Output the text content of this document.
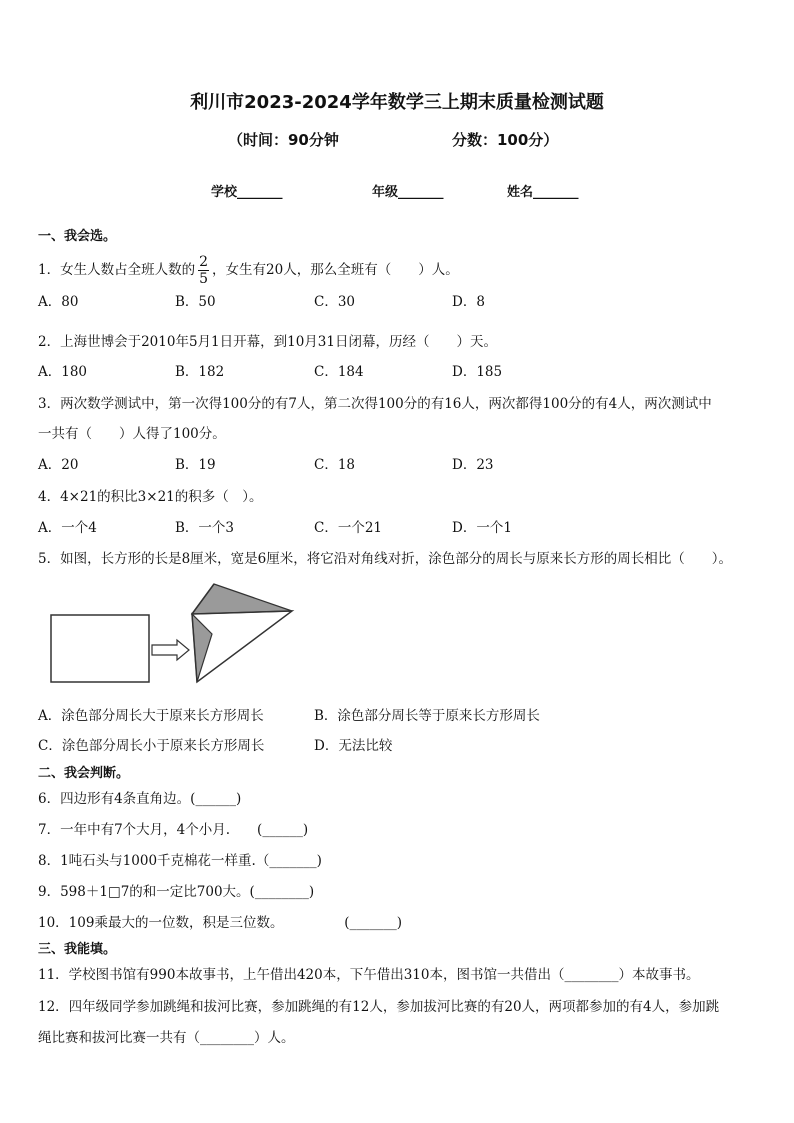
利川市2023-2024学年数学三上期末质量检测试题
（时间：90分钟	分数：100分）
学校_______	年级_______	姓名_______
一、我会选。
1．女生人数占全班人数的 $\frac{2}{5}$ ，女生有20人，那么全班有（　　）人。
A．80	B．50	C．30	D．8
2．上海世博会于2010年5月1日开幕，到10月31日闭幕，历经（　　）天。
A．180	B．182	C．184	D．185
3．两次数学测试中，第一次得100分的有7人，第二次得100分的有16人，两次都得100分的有4人，两次测试中
一共有（　　）人得了100分。
A．20	B．19	C．18	D．23
4．4×21的积比3×21的积多（　）。
A．一个4	B．一个3	C．一个21	D．一个1
5．如图，长方形的长是8厘米，宽是6厘米，将它沿对角线对折，涂色部分的周长与原来长方形的周长相比（　　）。
A．涂色部分周长大于原来长方形周长	B．涂色部分周长等于原来长方形周长
C．涂色部分周长小于原来长方形周长	D．无法比较
二、我会判断。
6．四边形有4条直角边。(______)
7．一年中有7个大月，4个小月.　　(______)
8．1吨石头与1000千克棉花一样重.（_______)
9．598＋1□7的和一定比700大。(________)
10．109乘最大的一位数，积是三位数。　　　　　(_______)
三、我能填。
11．学校图书馆有990本故事书，上午借出420本，下午借出310本，图书馆一共借出（________）本故事书。
12．四年级同学参加跳绳和拔河比赛，参加跳绳的有12人，参加拔河比赛的有20人，两项都参加的有4人，参加跳
绳比赛和拔河比赛一共有（________）人。
